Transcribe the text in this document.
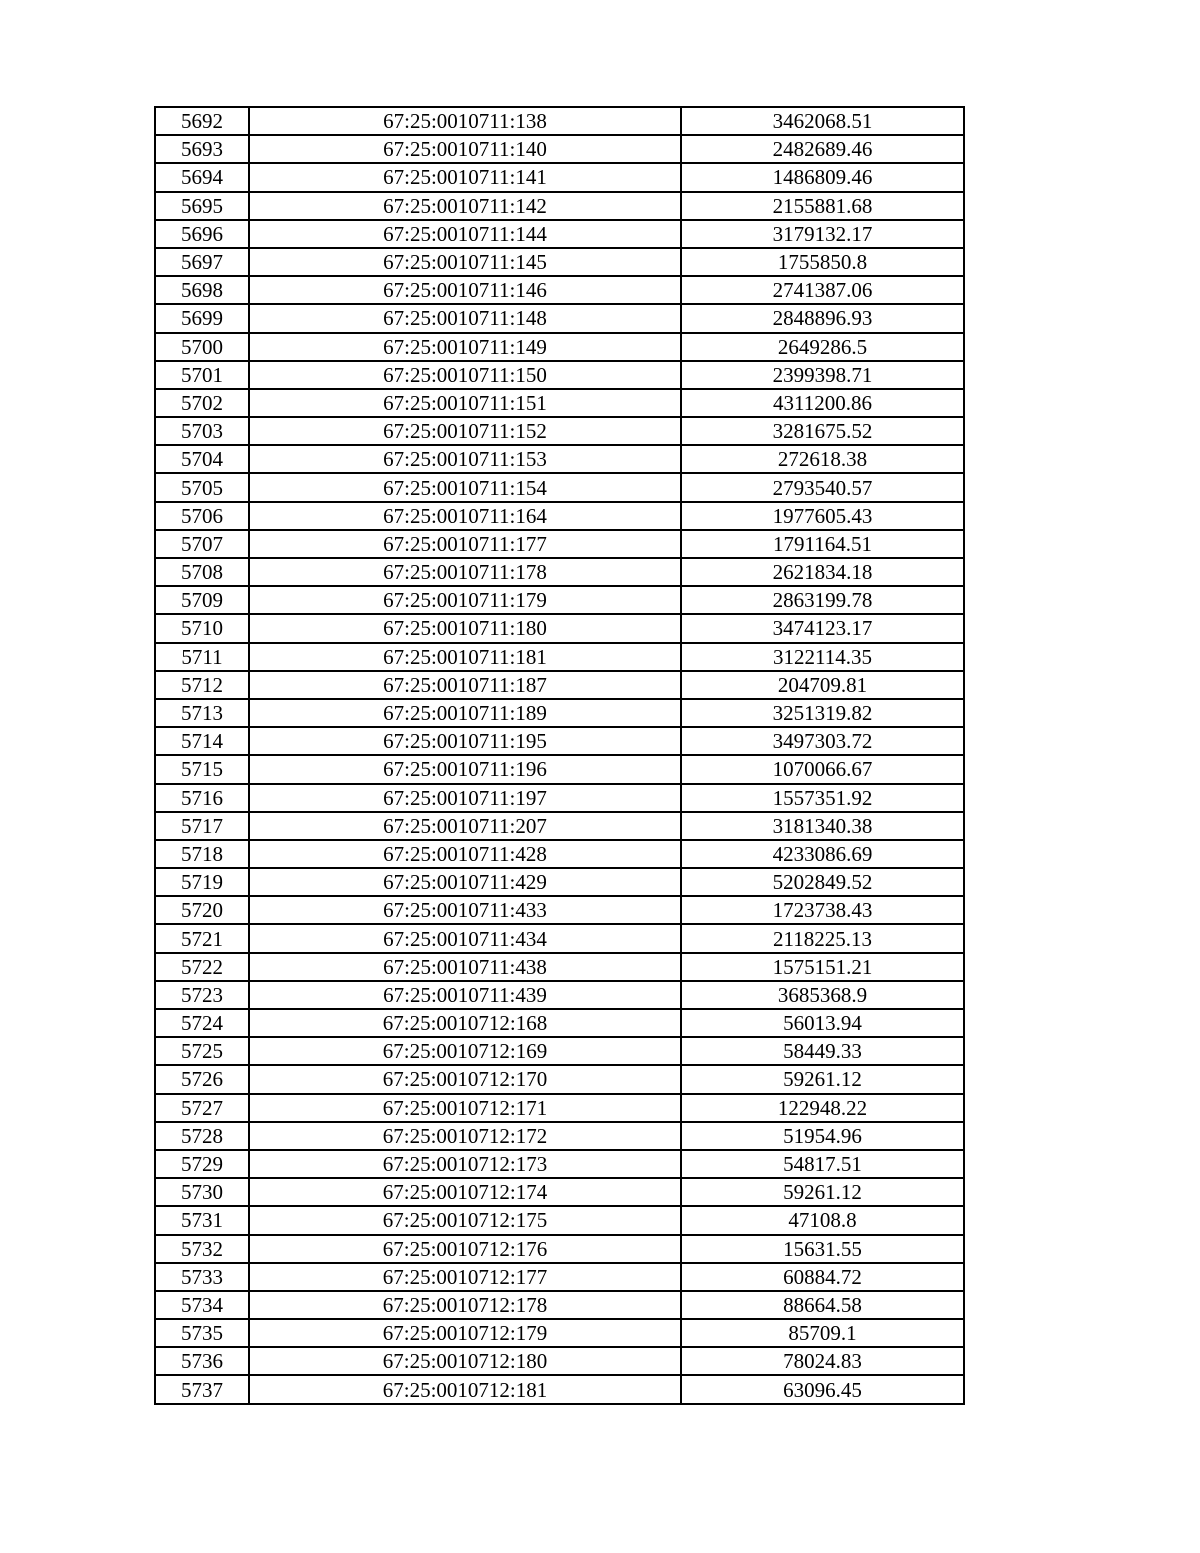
5692	67:25:0010711:138	3462068.51
5693	67:25:0010711:140	2482689.46
5694	67:25:0010711:141	1486809.46
5695	67:25:0010711:142	2155881.68
5696	67:25:0010711:144	3179132.17
5697	67:25:0010711:145	1755850.8
5698	67:25:0010711:146	2741387.06
5699	67:25:0010711:148	2848896.93
5700	67:25:0010711:149	2649286.5
5701	67:25:0010711:150	2399398.71
5702	67:25:0010711:151	4311200.86
5703	67:25:0010711:152	3281675.52
5704	67:25:0010711:153	272618.38
5705	67:25:0010711:154	2793540.57
5706	67:25:0010711:164	1977605.43
5707	67:25:0010711:177	1791164.51
5708	67:25:0010711:178	2621834.18
5709	67:25:0010711:179	2863199.78
5710	67:25:0010711:180	3474123.17
5711	67:25:0010711:181	3122114.35
5712	67:25:0010711:187	204709.81
5713	67:25:0010711:189	3251319.82
5714	67:25:0010711:195	3497303.72
5715	67:25:0010711:196	1070066.67
5716	67:25:0010711:197	1557351.92
5717	67:25:0010711:207	3181340.38
5718	67:25:0010711:428	4233086.69
5719	67:25:0010711:429	5202849.52
5720	67:25:0010711:433	1723738.43
5721	67:25:0010711:434	2118225.13
5722	67:25:0010711:438	1575151.21
5723	67:25:0010711:439	3685368.9
5724	67:25:0010712:168	56013.94
5725	67:25:0010712:169	58449.33
5726	67:25:0010712:170	59261.12
5727	67:25:0010712:171	122948.22
5728	67:25:0010712:172	51954.96
5729	67:25:0010712:173	54817.51
5730	67:25:0010712:174	59261.12
5731	67:25:0010712:175	47108.8
5732	67:25:0010712:176	15631.55
5733	67:25:0010712:177	60884.72
5734	67:25:0010712:178	88664.58
5735	67:25:0010712:179	85709.1
5736	67:25:0010712:180	78024.83
5737	67:25:0010712:181	63096.45
